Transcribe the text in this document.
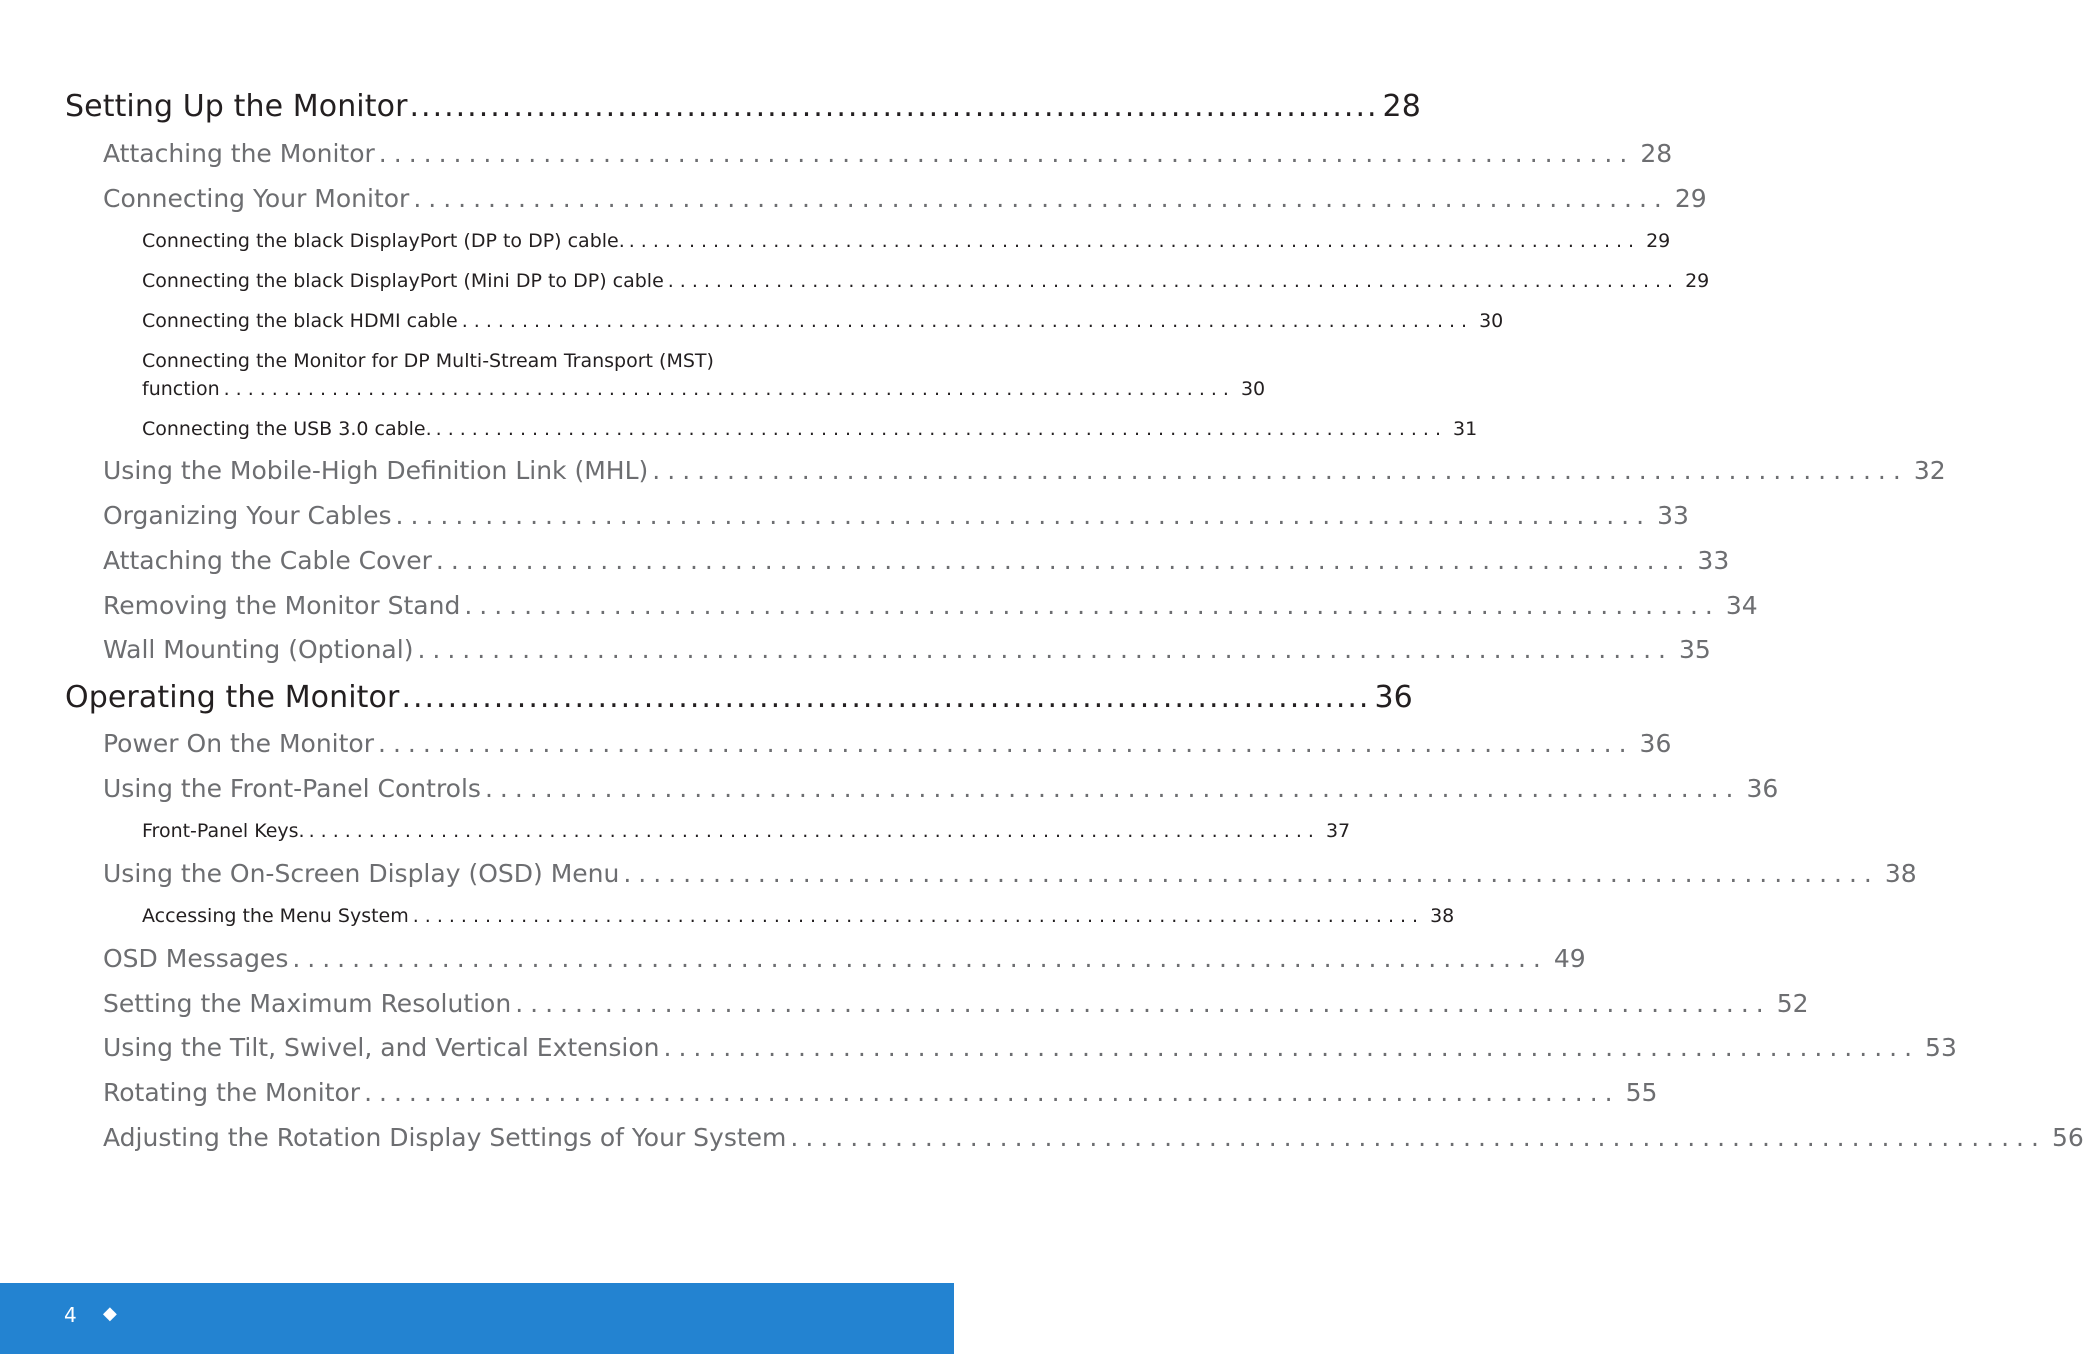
Setting Up the Monitor .................................................................................... 28
Attaching the Monitor .................................................................................... 28
Connecting Your Monitor .................................................................................... 29
Connecting the black DisplayPort (DP to DP) cable. .................................................................................... 29
Connecting the black DisplayPort (Mini DP to DP) cable .................................................................................... 29
Connecting the black HDMI cable .................................................................................... 30
Connecting the Monitor for DP Multi-Stream Transport (MST)
function .................................................................................... 30
Connecting the USB 3.0 cable. .................................................................................... 31
Using the Mobile-High Definition Link (MHL) .................................................................................... 32
Organizing Your Cables .................................................................................... 33
Attaching the Cable Cover .................................................................................... 33
Removing the Monitor Stand .................................................................................... 34
Wall Mounting (Optional) .................................................................................... 35
Operating the Monitor .................................................................................... 36
Power On the Monitor .................................................................................... 36
Using the Front-Panel Controls .................................................................................... 36
Front-Panel Keys. .................................................................................... 37
Using the On-Screen Display (OSD) Menu .................................................................................... 38
Accessing the Menu System .................................................................................... 38
OSD Messages .................................................................................... 49
Setting the Maximum Resolution .................................................................................... 52
Using the Tilt, Swivel, and Vertical Extension .................................................................................... 53
Rotating the Monitor .................................................................................... 55
Adjusting the Rotation Display Settings of Your System .................................................................................... 56
4 ◆
